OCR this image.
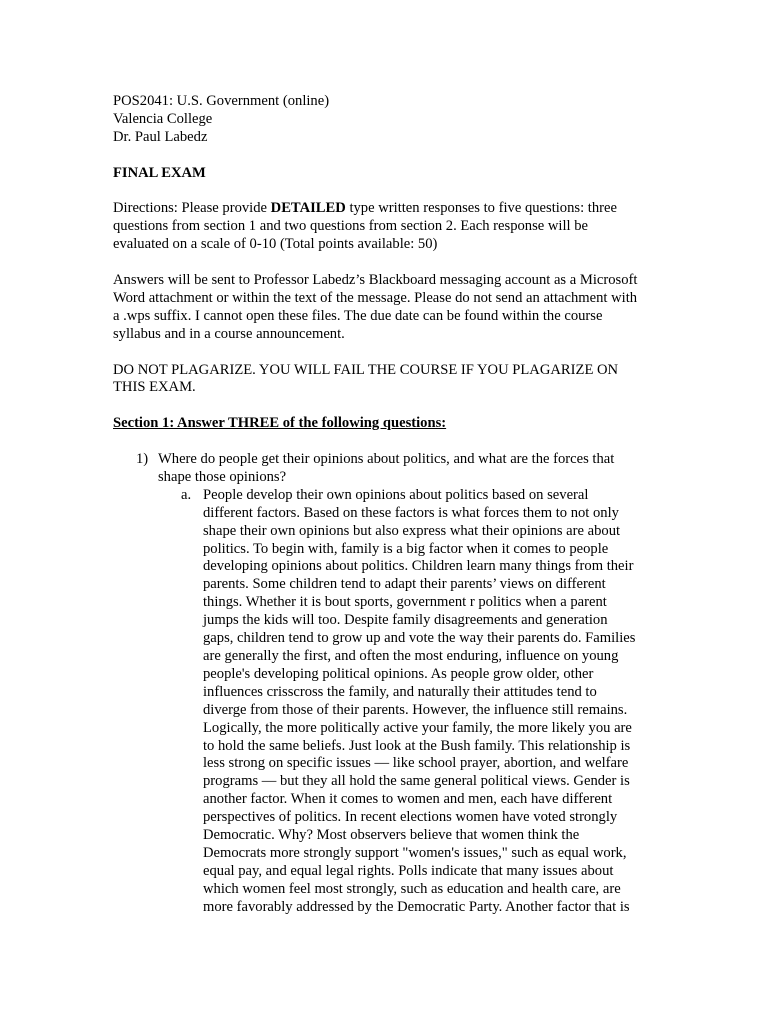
POS2041: U.S. Government (online)
Valencia College
Dr. Paul Labedz
FINAL EXAM
Directions: Please provide DETAILED type written responses to five questions: three
questions from section 1 and two questions from section 2. Each response will be
evaluated on a scale of 0-10 (Total points available: 50)
Answers will be sent to Professor Labedz’s Blackboard messaging account as a Microsoft
Word attachment or within the text of the message. Please do not send an attachment with
a .wps suffix. I cannot open these files. The due date can be found within the course
syllabus and in a course announcement.
DO NOT PLAGARIZE. YOU WILL FAIL THE COURSE IF YOU PLAGARIZE ON
THIS EXAM.
Section 1: Answer THREE of the following questions:
1) Where do people get their opinions about politics, and what are the forces that
shape those opinions?
a. People develop their own opinions about politics based on several
different factors. Based on these factors is what forces them to not only
shape their own opinions but also express what their opinions are about
politics. To begin with, family is a big factor when it comes to people
developing opinions about politics. Children learn many things from their
parents. Some children tend to adapt their parents’ views on different
things. Whether it is bout sports, government r politics when a parent
jumps the kids will too. Despite family disagreements and generation
gaps, children tend to grow up and vote the way their parents do. Families
are generally the first, and often the most enduring, influence on young
people's developing political opinions. As people grow older, other
influences crisscross the family, and naturally their attitudes tend to
diverge from those of their parents. However, the influence still remains.
Logically, the more politically active your family, the more likely you are
to hold the same beliefs. Just look at the Bush family. This relationship is
less strong on specific issues — like school prayer, abortion, and welfare
programs — but they all hold the same general political views. Gender is
another factor. When it comes to women and men, each have different
perspectives of politics. In recent elections women have voted strongly
Democratic. Why? Most observers believe that women think the
Democrats more strongly support "women's issues," such as equal work,
equal pay, and equal legal rights. Polls indicate that many issues about
which women feel most strongly, such as education and health care, are
more favorably addressed by the Democratic Party. Another factor that is
